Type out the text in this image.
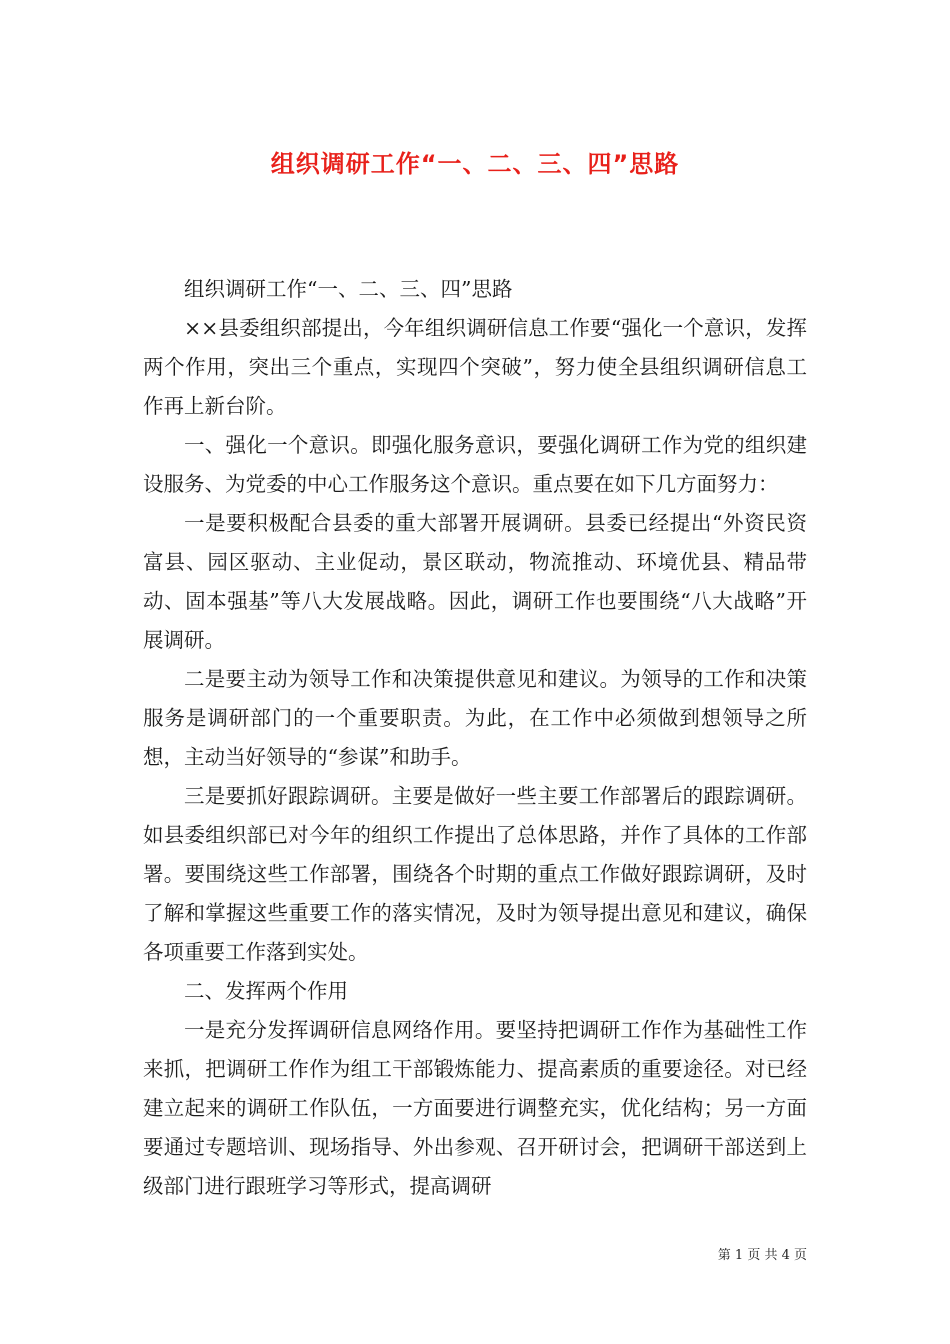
组织调研工作“一、二、三、四”思路

组织调研工作“一、二、三、四”思路

××县委组织部提出，今年组织调研信息工作要“强化一个意识，发挥两个作用，突出三个重点，实现四个突破”，努力使全县组织调研信息工作再上新台阶。

一、强化一个意识。即强化服务意识，要强化调研工作为党的组织建设服务、为党委的中心工作服务这个意识。重点要在如下几方面努力：

一是要积极配合县委的重大部署开展调研。县委已经提出“外资民资富县、园区驱动、主业促动，景区联动，物流推动、环境优县、精品带动、固本强基”等八大发展战略。因此，调研工作也要围绕“八大战略”开展调研。

二是要主动为领导工作和决策提供意见和建议。为领导的工作和决策服务是调研部门的一个重要职责。为此，在工作中必须做到想领导之所想，主动当好领导的“参谋”和助手。

三是要抓好跟踪调研。主要是做好一些主要工作部署后的跟踪调研。如县委组织部已对今年的组织工作提出了总体思路，并作了具体的工作部署。要围绕这些工作部署，围绕各个时期的重点工作做好跟踪调研，及时了解和掌握这些重要工作的落实情况，及时为领导提出意见和建议，确保各项重要工作落到实处。

二、发挥两个作用

一是充分发挥调研信息网络作用。要坚持把调研工作作为基础性工作来抓，把调研工作作为组工干部锻炼能力、提高素质的重要途径。对已经建立起来的调研工作队伍，一方面要进行调整充实，优化结构；另一方面要通过专题培训、现场指导、外出参观、召开研讨会，把调研干部送到上级部门进行跟班学习等形式，提高调研

第 1 页 共 4 页
